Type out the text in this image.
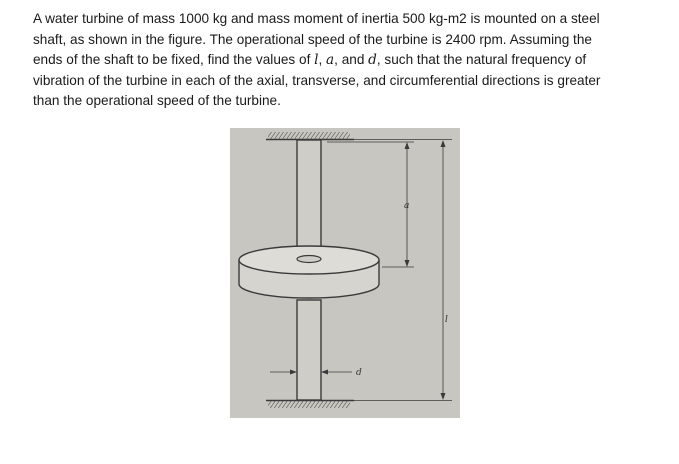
A water turbine of mass 1000 kg and mass moment of inertia 500 kg-m2 is mounted on a steel
shaft, as shown in the figure. The operational speed of the turbine is 2400 rpm. Assuming the
ends of the shaft to be fixed, find the values of l, a, and d, such that the natural frequency of
vibration of the turbine in each of the axial, transverse, and circumferential directions is greater
than the operational speed of the turbine.
a
l
d
